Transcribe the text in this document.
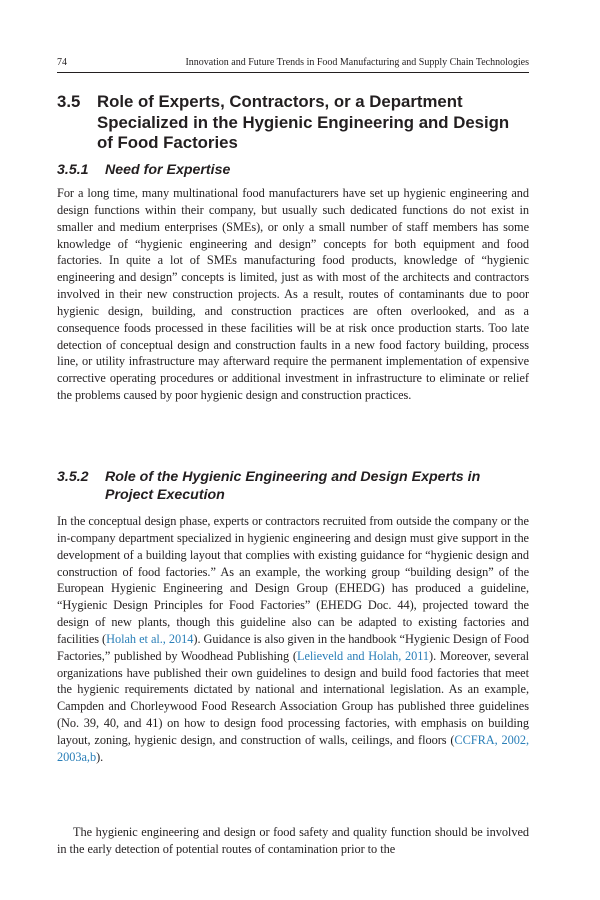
74	Innovation and Future Trends in Food Manufacturing and Supply Chain Technologies
3.5 Role of Experts, Contractors, or a Department Specialized in the Hygienic Engineering and Design of Food Factories
3.5.1 Need for Expertise

For a long time, many multinational food manufacturers have set up hygienic engineering and design functions within their company, but usually such dedicated functions do not exist in smaller and medium enterprises (SMEs), or only a small number of staff members has some knowledge of “hygienic engineering and design” concepts for both equipment and food factories. In quite a lot of SMEs manufacturing food products, knowledge of “hygienic engineering and design” concepts is limited, just as with most of the architects and contractors involved in their new construction projects. As a result, routes of contaminants due to poor hygienic design, building, and construction practices are often overlooked, and as a consequence foods processed in these facilities will be at risk once production starts. Too late detection of conceptual design and construction faults in a new food factory building, process line, or utility infrastructure may afterward require the permanent implementation of expensive corrective operating procedures or additional investment in infrastructure to eliminate or relief the problems caused by poor hygienic design and construction practices.

3.5.2 Role of the Hygienic Engineering and Design Experts in Project Execution

In the conceptual design phase, experts or contractors recruited from outside the company or the in-company department specialized in hygienic engineering and design must give support in the development of a building layout that complies with existing guidance for “hygienic design and construction of food factories.” As an example, the working group “building design” of the European Hygienic Engineering and Design Group (EHEDG) has produced a guideline, “Hygienic Design Principles for Food Factories” (EHEDG Doc. 44), projected toward the design of new plants, though this guideline also can be adapted to existing factories and facilities (Holah et al., 2014). Guidance is also given in the handbook “Hygienic Design of Food Factories,” published by Woodhead Publishing (Lelieveld and Holah, 2011). Moreover, several organizations have published their own guidelines to design and build food factories that meet the hygienic requirements dictated by national and international legislation. As an example, Campden and Chorleywood Food Research Association Group has published three guidelines (No. 39, 40, and 41) on how to design food processing factories, with emphasis on building layout, zoning, hygienic design, and construction of walls, ceilings, and floors (CCFRA, 2002, 2003a,b).

The hygienic engineering and design or food safety and quality function should be involved in the early detection of potential routes of contamination prior to the
